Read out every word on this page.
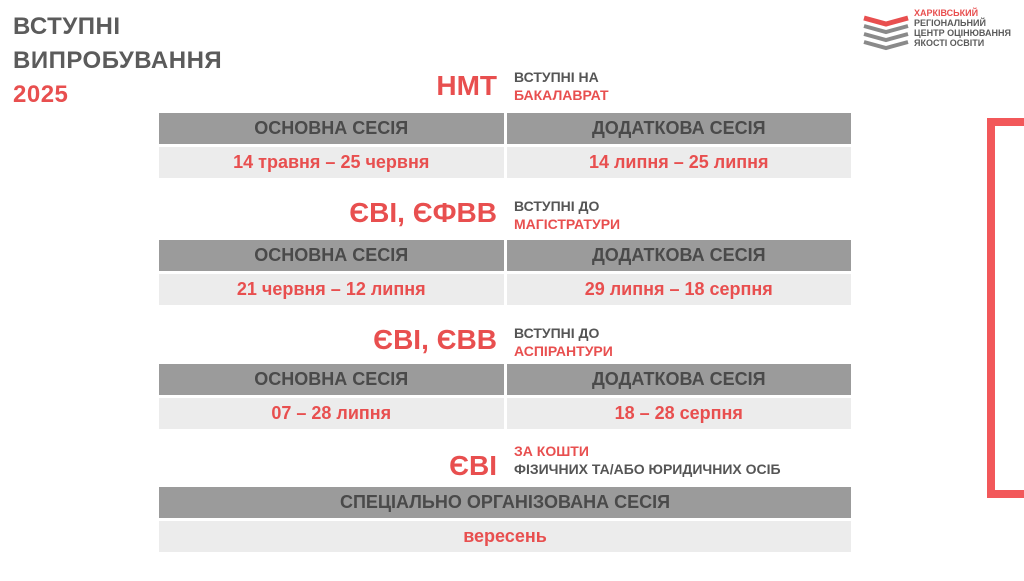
ВСТУПНІ
ВИПРОБУВАННЯ
2025
ХАРКІВСЬКИЙ
РЕГІОНАЛЬНИЙ
ЦЕНТР ОЦІНЮВАННЯ
ЯКОСТІ ОСВІТИ
НМТ ВСТУПНІ НА
БАКАЛАВРАТ
ОСНОВНА СЕСІЯ	ДОДАТКОВА СЕСІЯ
14 травня – 25 червня	14 липня – 25 липня
ЄВІ, ЄФВВ ВСТУПНІ ДО
МАГІСТРАТУРИ
ОСНОВНА СЕСІЯ	ДОДАТКОВА СЕСІЯ
21 червня – 12 липня	29 липня – 18 серпня
ЄВІ, ЄВВ ВСТУПНІ ДО
АСПІРАНТУРИ
ОСНОВНА СЕСІЯ	ДОДАТКОВА СЕСІЯ
07 – 28 липня	18 – 28 серпня
ЄВІ ЗА КОШТИ
ФІЗИЧНИХ ТА/АБО ЮРИДИЧНИХ ОСІБ
СПЕЦІАЛЬНО ОРГАНІЗОВАНА СЕСІЯ
вересень
